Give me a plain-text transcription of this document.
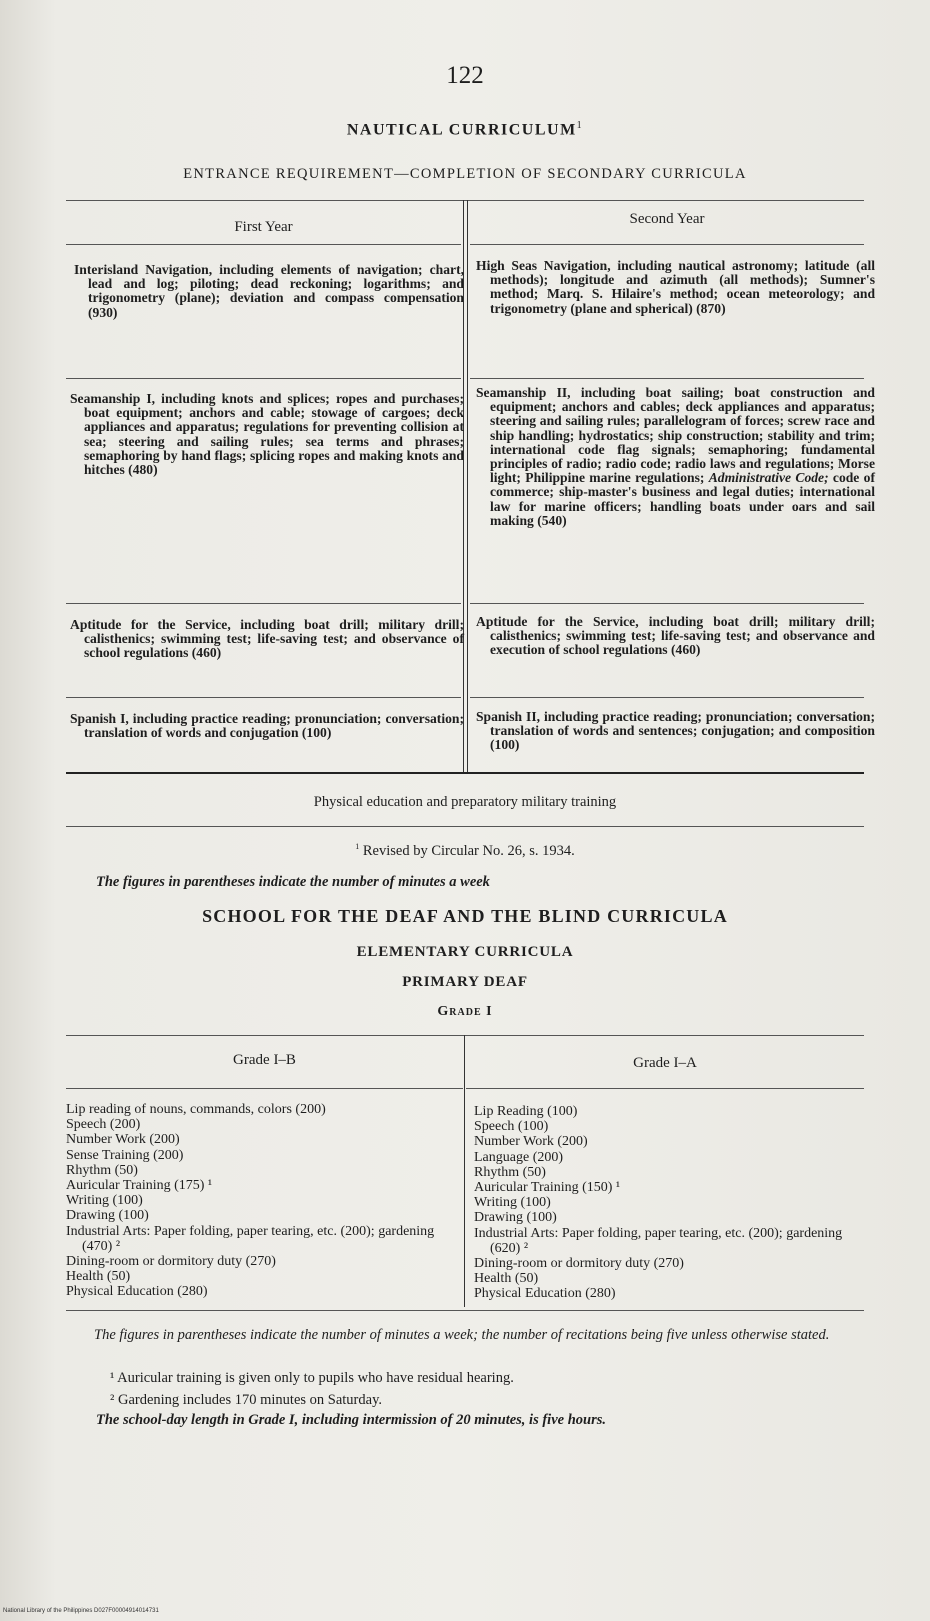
122
NAUTICAL CURRICULUM$^1$
ENTRANCE REQUIREMENT—COMPLETION OF SECONDARY CURRICULA
First Year	Second Year
Interisland Navigation, including elements of navigation; chart, lead and log; piloting; dead reckoning; logarithms; and trigonometry (plane); deviation and compass compensation (930)
High Seas Navigation, including nautical astronomy; latitude (all methods); longitude and azimuth (all methods); Sumner's method; Marq. S. Hilaire's method; ocean meteorology; and trigonometry (plane and spherical) (870)
Seamanship I, including knots and splices; ropes and purchases; boat equipment; anchors and cable; stowage of cargoes; deck appliances and apparatus; regulations for preventing collision at sea; steering and sailing rules; sea terms and phrases; semaphoring by hand flags; splicing ropes and making knots and hitches (480)
Seamanship II, including boat sailing; boat construction and equipment; anchors and cables; deck appliances and apparatus; steering and sailing rules; parallelogram of forces; screw race and ship handling; hydrostatics; ship construction; stability and trim; international code flag signals; semaphoring; fundamental principles of radio; radio code; radio laws and regulations; Morse light; Philippine marine regulations; Administrative Code; code of commerce; ship-master's business and legal duties; international law for marine officers; handling boats under oars and sail making (540)
Aptitude for the Service, including boat drill; military drill; calisthenics; swimming test; life-saving test; and observance of school regulations (460)
Aptitude for the Service, including boat drill; military drill; calisthenics; swimming test; life-saving test; and observance and execution of school regulations (460)
Spanish I, including practice reading; pronunciation; conversation; translation of words and conjugation (100)
Spanish II, including practice reading; pronunciation; conversation; translation of words and sentences; conjugation; and composition (100)
Physical education and preparatory military training
$^1$ Revised by Circular No. 26, s. 1934.
The figures in parentheses indicate the number of minutes a week
SCHOOL FOR THE DEAF AND THE BLIND CURRICULA
ELEMENTARY CURRICULA
PRIMARY DEAF
Grade I
Grade I–B	Grade I–A
Lip reading of nouns, commands, colors (200)
Speech (200)
Number Work (200)
Sense Training (200)
Rhythm (50)
Auricular Training (175) ¹
Writing (100)
Drawing (100)
Industrial Arts: Paper folding, paper tearing, etc. (200); gardening (470) ²
Dining-room or dormitory duty (270)
Health (50)
Physical Education (280)
Lip Reading (100)
Speech (100)
Number Work (200)
Language (200)
Rhythm (50)
Auricular Training (150) ¹
Writing (100)
Drawing (100)
Industrial Arts: Paper folding, paper tearing, etc. (200); gardening (620) ²
Dining-room or dormitory duty (270)
Health (50)
Physical Education (280)
The figures in parentheses indicate the number of minutes a week; the number of recitations being five unless otherwise stated.
¹ Auricular training is given only to pupils who have residual hearing.
² Gardening includes 170 minutes on Saturday.
The school-day length in Grade I, including intermission of 20 minutes, is five hours.
National Library of the Philippines D027F00004914014731
